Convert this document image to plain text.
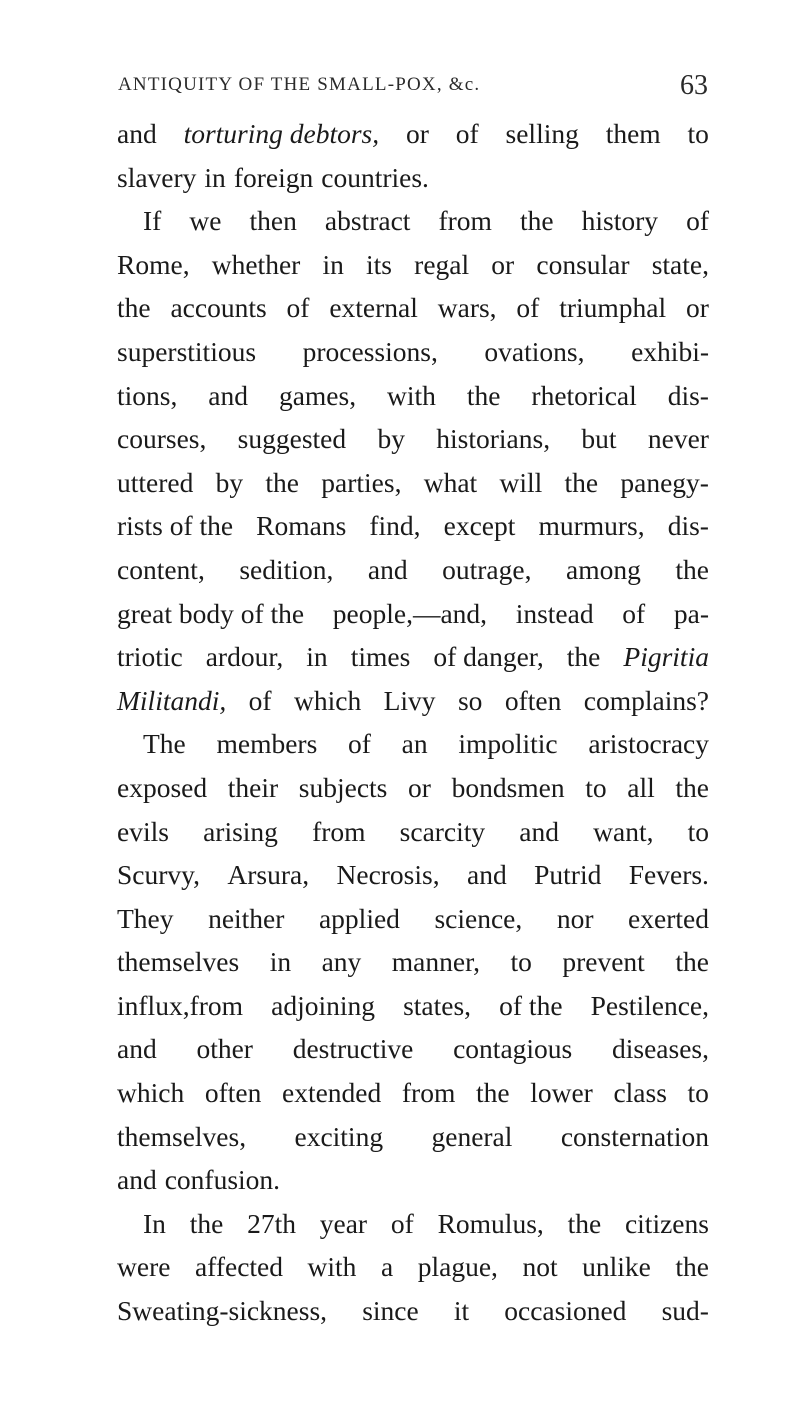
ANTIQUITY OF THE SMALL-POX, &c.	63
and torturing debtors, or of selling them to
slavery in foreign countries.
If we then abstract from the history of
Rome, whether in its regal or consular state,
the accounts of external wars, of triumphal or
superstitious processions, ovations, exhibi-
tions, and games, with the rhetorical dis-
courses, suggested by historians, but never
uttered by the parties, what will the panegy-
rists of the Romans find, except murmurs, dis-
content, sedition, and outrage, among the
great body of the people,—and, instead of pa-
triotic ardour, in times of danger, the Pigritia
Militandi, of which Livy so often complains?
The members of an impolitic aristocracy
exposed their subjects or bondsmen to all the
evils arising from scarcity and want, to
Scurvy, Arsura, Necrosis, and Putrid Fevers.
They neither applied science, nor exerted
themselves in any manner, to prevent the
influx,from adjoining states, of the Pestilence,
and other destructive contagious diseases,
which often extended from the lower class to
themselves, exciting general consternation
and confusion.
In the 27th year of Romulus, the citizens
were affected with a plague, not unlike the
Sweating-sickness, since it occasioned sud-
